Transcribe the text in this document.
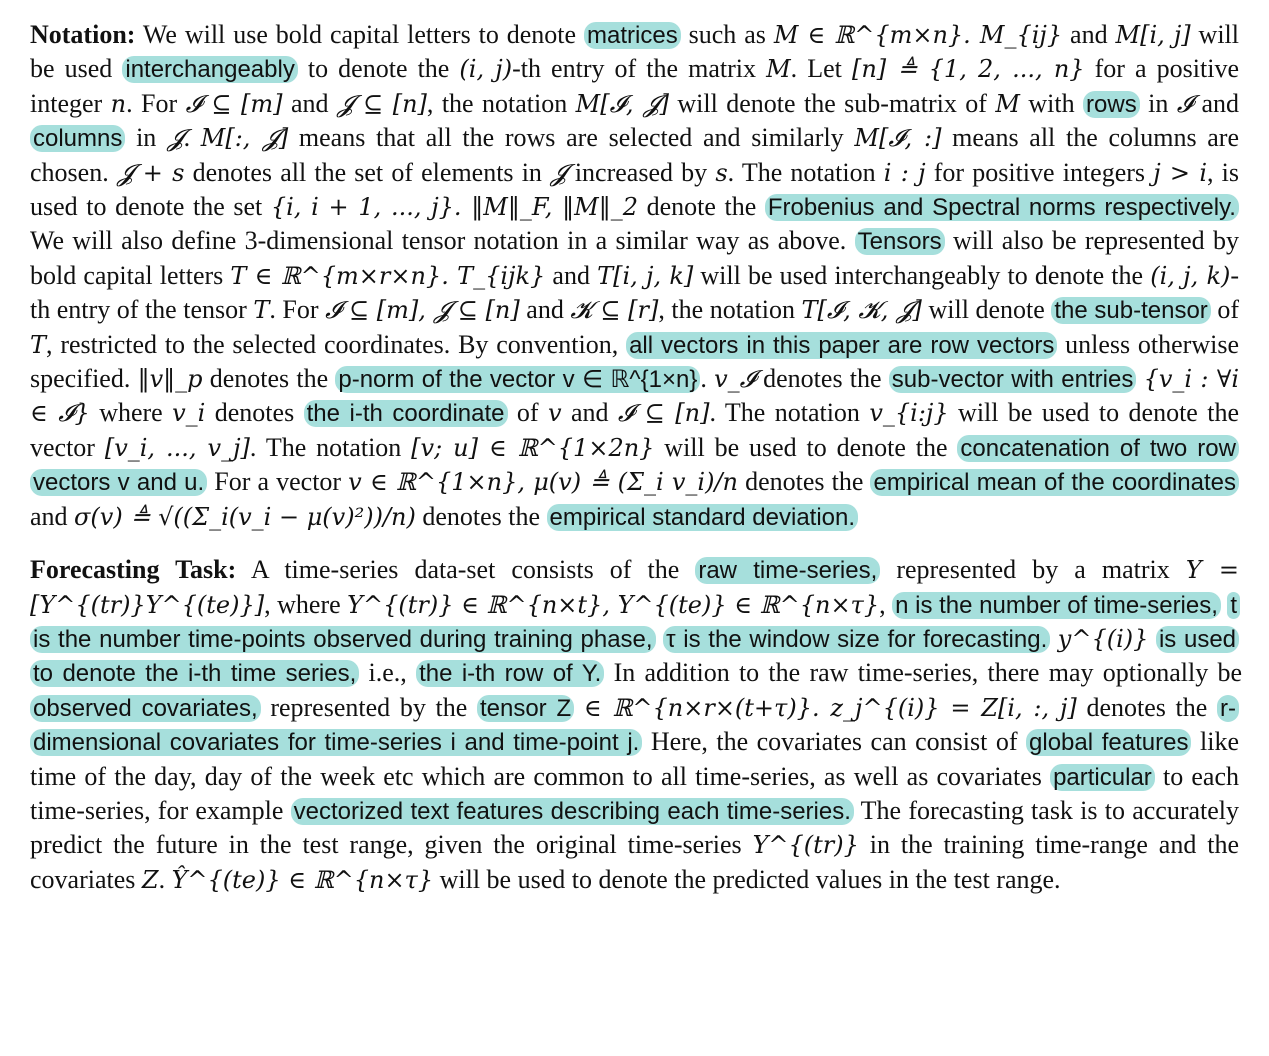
Notation: We will use bold capital letters to denote matrices such as M ∈ ℝ^{m×n}. M_{ij} and M[i, j] will be used interchangeably to denote the (i, j)-th entry of the matrix M. Let [n] ≜ {1, 2, ..., n} for a positive integer n. For 𝓘 ⊆ [m] and 𝓙 ⊆ [n], the notation M[𝓘, 𝓙] will denote the sub-matrix of M with rows in 𝓘 and columns in 𝓙. M[:, 𝓙] means that all the rows are selected and similarly M[𝓘, :] means all the columns are chosen. 𝓙 + s denotes all the set of elements in 𝓙 increased by s. The notation i : j for positive integers j > i, is used to denote the set {i, i + 1, ..., j}. ‖M‖_F, ‖M‖_2 denote the Frobenius and Spectral norms respectively. We will also define 3-dimensional tensor notation in a similar way as above. Tensors will also be represented by bold capital letters T ∈ ℝ^{m×r×n}. T_{ijk} and T[i, j, k] will be used interchangeably to denote the (i, j, k)-th entry of the tensor T. For 𝓘 ⊆ [m], 𝓙 ⊆ [n] and 𝓚 ⊆ [r], the notation T[𝓘, 𝓚, 𝓙] will denote the sub-tensor of T, restricted to the selected coordinates. By convention, all vectors in this paper are row vectors unless otherwise specified. ‖v‖_p denotes the p-norm of the vector v ∈ ℝ^{1×n} . v_𝓘 denotes the sub-vector with entries {v_i : ∀i ∈ 𝓘} where v_i denotes the i-th coordinate of v and 𝓘 ⊆ [n]. The notation v_{i:j} will be used to denote the vector [v_i, ..., v_j]. The notation [v; u] ∈ ℝ^{1×2n} will be used to denote the concatenation of two row vectors v and u. For a vector v ∈ ℝ^{1×n}, μ(v) ≜ (Σ_i v_i)/n denotes the empirical mean of the coordinates and σ(v) ≜ √((Σ_i(v_i − μ(v)²))/n) denotes the empirical standard deviation.

Forecasting Task: A time-series data-set consists of the raw time-series, represented by a matrix Y = [Y^{(tr)}Y^{(te)}], where Y^{(tr)} ∈ ℝ^{n×t}, Y^{(te)} ∈ ℝ^{n×τ}, n is the number of time-series, t is the number time-points observed during training phase, τ is the window size for forecasting. y^{(i)} is used to denote the i-th time series, i.e., the i-th row of Y. In addition to the raw time-series, there may optionally be observed covariates, represented by the tensor Z ∈ ℝ^{n×r×(t+τ)}. z_j^{(i)} = Z[i, :, j] denotes the r-dimensional covariates for time-series i and time-point j. Here, the covariates can consist of global features like time of the day, day of the week etc which are common to all time-series, as well as covariates particular to each time-series, for example vectorized text features describing each time-series. The forecasting task is to accurately predict the future in the test range, given the original time-series Y^{(tr)} in the training time-range and the covariates Z. Ŷ^{(te)} ∈ ℝ^{n×τ} will be used to denote the predicted values in the test range.
